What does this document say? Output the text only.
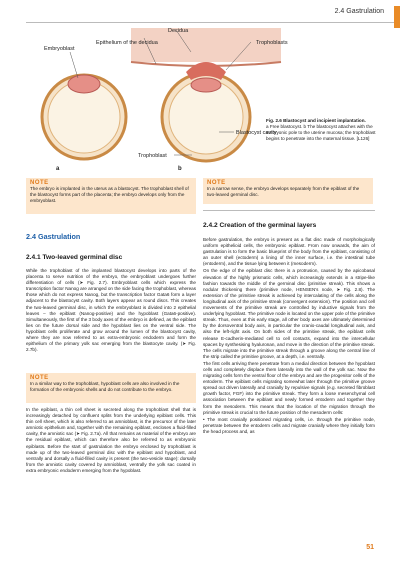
2.4 Gastrulation
Embryoblast
a
Decidua
Epithelium of the decidua	Trophoblasts
Blastocyst cavity
Trophoblast
b
Fig. 2.6 Blastocyst and incipient implantation.
a Free blastocyst. b The blastocyst attaches with the embryonic pole to the uterine mucosa; the trophoblast begins to penetrate into the maternal tissue. [L126]
NOTE
The embryo is implanted in the uterus as a blastocyst. The trophoblast shell of the blastocyst forms part of the placenta; the embryo develops only from the embryoblast.
NOTE
In a narrow sense, the embryo develops separately from the epiblast of the two-leaved germinal disc.
2.4 Gastrulation
2.4.1 Two-leaved germinal disc

While the trophoblast of the implanted blastocyst develops into parts of the placenta to serve nutrition of the embryo, the embryoblast undergoes further differentiation of cells (➤ Fig. 2.7). Embryoblast cells which express the transcription factor Nanog are arranged on the side facing the trophoblast, whereas those which do not express Nanog, but the transcription factor Gata6 form a layer adjacent to the blastocyst cavity. Both layers appear as round discs. This creates the two-leaved germinal disc, in which the embryoblast is divided into 2 epithelial leaves – the epiblast (Nanog-positive) and the hypoblast (Gata6-positive). Simultaneously, the first of the 3 body axes of the embryo is defined, as the epiblast lies on the future dorsal side and the hypoblast lies on the ventral side. The hypoblast cells proliferate and grow around the lumen of the blastocyst cavity, where they are now referred to as extra-embryonic endoderm and form the epithelium of the primary yolk sac emerging from the blastocyte cavity. (➤ Fig. 2.7b).

NOTE
In a similar way to the trophoblast, hypoblast cells are also involved in the formation of the embryonic shells and do not contribute to the embryo.

In the epiblast, a thin cell sheet is secreted along the trophoblast shell that is increasingly detached by confluent splits from the underlying epiblast cells. This thin cell sheet, which is also referred to as amnioblast, is the precursor of the later amniotic epithelium and, together with the remaining epiblast, encloses a fluid-filled cavity, the amniotic sac (➤ Fig. 2.7a). All that remains as material of the embryo are the residual epiblast, which can therefore also be referred to as embryonic epiblasts. Before the start of gastrulation the embryo enclosed by trophoblast is made up of the two-leaved germinal disc with the epiblast and hypoblast, and ventrally and dorsally a fluid-filled cavity is present (the two-vesicle stage): dorsally from the amniotic cavity covered by amnioblast, ventrally the yolk sac coated in extra embryonic endoderm emerging from the hypoblast.

2.4.2 Creation of the germinal layers

Before gastrulation, the embryo is present as a flat disc made of morphologically uniform epithelioid cells, the embryonic epiblast. From now onwards, the aim of gastrulation is to form the basic blueprint of the body from the epiblast, consisting of an outer shell (ectoderm) a lining of the inner surface, i.e. the intestinal tube (entoderm), and the tissue lying between it (mesoderm).

On the edge of the epiblast disc there is a protrusion, caused by the apicobasal elevation of the highly prismatic cells, which increasingly extends in a stripe-like fashion towards the middle of the germinal disc (primitive streak). This shows a nodular thickening there (primitive node, HENSEN's node, ➤ Fig. 2.8). The extension of the primitive streak is achieved by intercalating of the cells along the longitudinal axis of the primitive streak (convergent extension). The position and cell movements of the primitive streak are controlled by inductive signals from the underlying hypoblast. The primitive node is located on the upper pole of the primitive streak. Thus, even at this early stage, all other body axes are ultimately determined by the dorsoventral body axis, in particular the cranio-caudal longitudinal axis, and also the left-right axis. On both sides of the primitive streak, the epiblast cells release E-cadherin-mediated cell to cell contacts, expand into the intercellular spaces by synthesising hyaluronan, and move in the direction of the primitive streak. The cells migrate into the primitive streak through a groove along the central line of the strip called the primitive groove, at a depth, i.e. ventrally.

The first cells arriving there penetrate from a medial direction between the hypoblast cells and completely displace them laterally into the wall of the yolk sac. Now the migrating cells form the ventral floor of the embryo and are the progenitor cells of the entoderm. The epiblast cells migrating somewhat later through the primitive groove spread out driven laterally and cranially by repulsive signals (e.g. secreted fibroblast growth factor, FGF) into the primitive streak. They form a loose mesenchymal cell association between the epiblast and newly formed entoderm and together they form the mesoderm. This means that the location of the migration through the primitive streak is crucial to the future position of the mesoderm cells:

• The most cranially positioned migrating cells, i.e. through the primitive node, penetrate between the entoderm cells and migrate cranially where they initially form the head process and, as

51
